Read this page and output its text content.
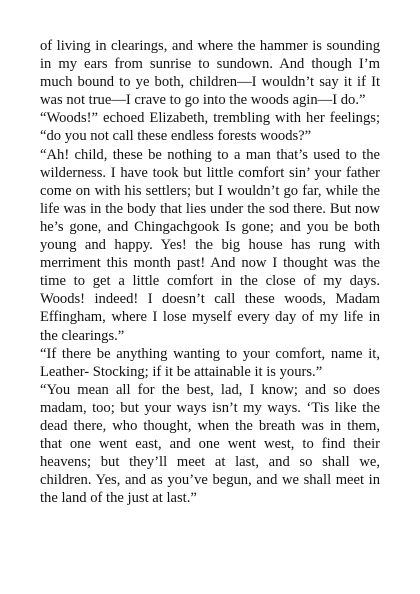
of living in clearings, and where the hammer is sounding in my ears from sunrise to sundown. And though I’m much bound to ye both, children—I wouldn’t say it if It was not true—I crave to go into the woods agin—I do.”

“Woods!” echoed Elizabeth, trembling with her feelings; “do you not call these endless forests woods?”

“Ah! child, these be nothing to a man that’s used to the wilderness. I have took but little comfort sin’ your father come on with his settlers; but I wouldn’t go far, while the life was in the body that lies under the sod there. But now he’s gone, and Chingachgook Is gone; and you be both young and happy. Yes! the big house has rung with merriment this month past! And now I thought was the time to get a little comfort in the close of my days. Woods! indeed! I doesn’t call these woods, Madam Effingham, where I lose myself every day of my life in the clearings.”

“If there be anything wanting to your comfort, name it, Leather- Stocking; if it be attainable it is yours.”

“You mean all for the best, lad, I know; and so does madam, too; but your ways isn’t my ways. ‘Tis like the dead there, who thought, when the breath was in them, that one went east, and one went west, to find their heavens; but they’ll meet at last, and so shall we, children. Yes, and as you’ve begun, and we shall meet in the land of the just at last.”
